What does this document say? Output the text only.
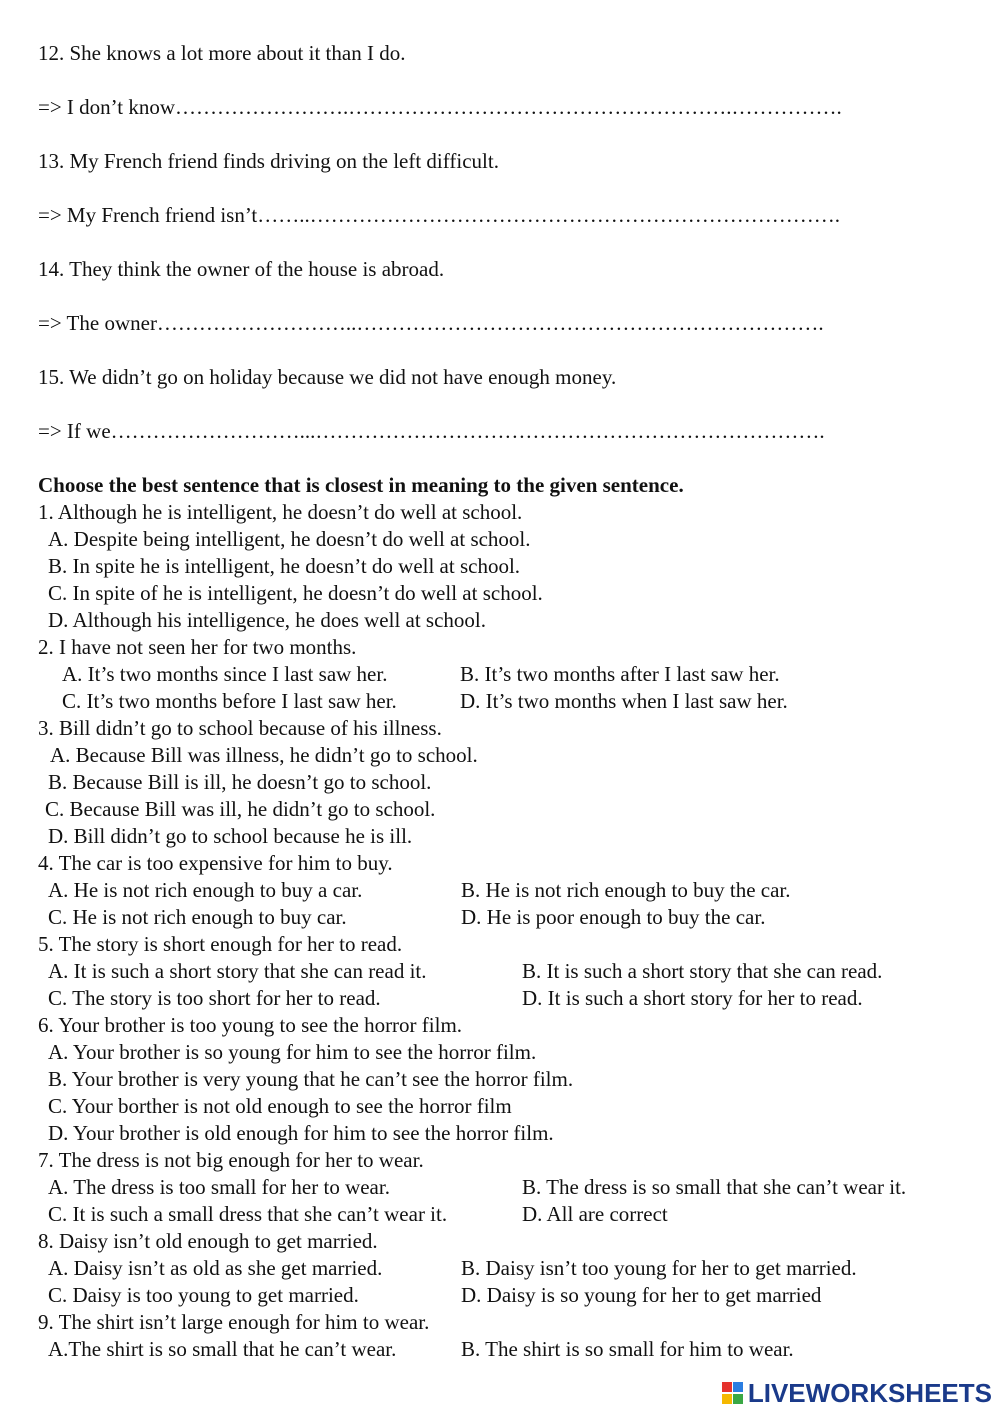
12. She knows a lot more about it than I do.
=> I don’t know…………………….……………………………………………….…………….
13. My French friend finds driving on the left difficult.
=> My French friend isn’t……..………………………………………………………………….
14. They think the owner of the house is abroad.
=> The owner………………………..………………………………………………………….
15. We didn’t go on holiday because we did not have enough money.
=> If we………………………...……………………………………………………………….
Choose the best sentence that is closest in meaning to the given sentence.
1. Although he is intelligent, he doesn’t do well at school.
A. Despite being intelligent, he doesn’t do well at school.
B. In spite he is intelligent, he doesn’t do well at school.
C. In spite of he is intelligent, he doesn’t do well at school.
D. Although his intelligence, he does well at school.
2. I have not seen her for two months.
A. It’s two months since I last saw her.	B. It’s two months after I last saw her.
C. It’s two months before I last saw her.	D. It’s two months when I last saw her.
3. Bill didn’t go to school because of his illness.
A. Because Bill was illness, he didn’t go to school.
B. Because Bill is ill, he doesn’t go to school.
C. Because Bill was ill, he didn’t go to school.
D. Bill didn’t go to school because he is ill.
4. The car is too expensive for him to buy.
A. He is not rich enough to buy a car.	B. He is not rich enough to buy the car.
C. He is not rich enough to buy car.	D. He is poor enough to buy the car.
5. The story is short enough for her to read.
A. It is such a short story that she can read it.	B. It is such a short story that she can read.
C. The story is too short for her to read.	D. It is such a short story for her to read.
6. Your brother is too young to see the horror film.
A. Your brother is so young for him to see the horror film.
B. Your brother is very young that he can’t see the horror film.
C. Your borther is not old enough to see the horror film
D. Your brother is old enough for him to see the horror film.
7. The dress is not big enough for her to wear.
A. The dress is too small for her to wear.	B. The dress is so small that she can’t wear it.
C. It is such a small dress that she can’t wear it.	D. All are correct
8. Daisy isn’t old enough to get married.
A. Daisy isn’t as old as she get married.	B. Daisy isn’t too young for her to get married.
C. Daisy is too young to get married.	D. Daisy is so young for her to get married
9. The shirt isn’t large enough for him to wear.
A.The shirt is so small that he can’t wear.	B. The shirt is so small for him to wear.
LIVEWORKSHEETS
